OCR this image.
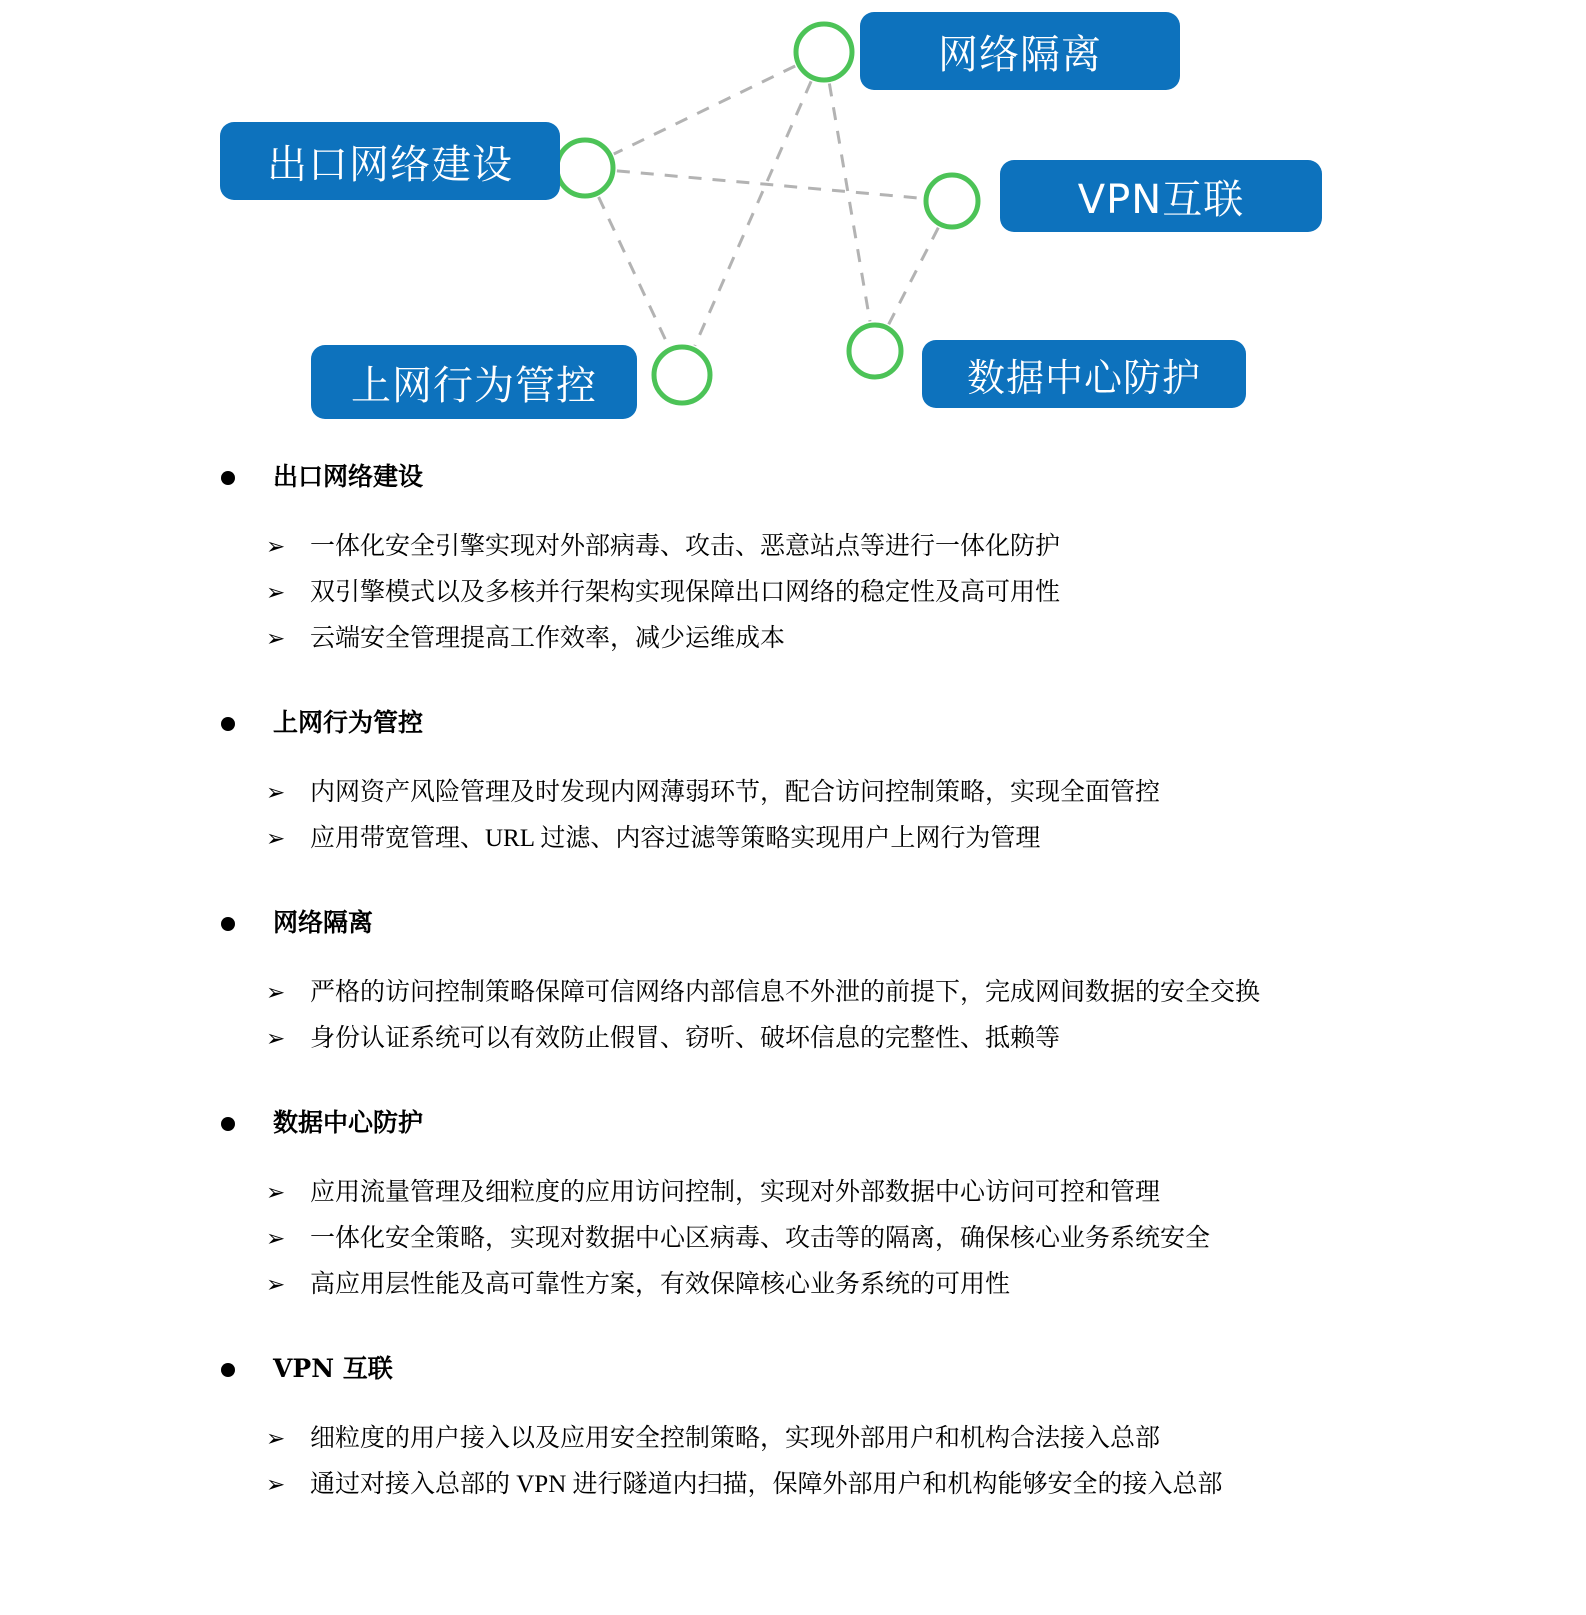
出口网络建设
网络隔离
VPN互联
上网行为管控	数据中心防护
出口网络建设
➢ 一体化安全引擎实现对外部病毒、攻击、恶意站点等进行一体化防护
➢ 双引擎模式以及多核并行架构实现保障出口网络的稳定性及高可用性
➢ 云端安全管理提高工作效率，减少运维成本
上网行为管控
➢ 内网资产风险管理及时发现内网薄弱环节，配合访问控制策略，实现全面管控
➢ 应用带宽管理、URL 过滤、内容过滤等策略实现用户上网行为管理
网络隔离
➢ 严格的访问控制策略保障可信网络内部信息不外泄的前提下，完成网间数据的安全交换
➢ 身份认证系统可以有效防止假冒、窃听、破坏信息的完整性、抵赖等
数据中心防护
➢ 应用流量管理及细粒度的应用访问控制，实现对外部数据中心访问可控和管理
➢ 一体化安全策略，实现对数据中心区病毒、攻击等的隔离，确保核心业务系统安全
➢ 高应用层性能及高可靠性方案，有效保障核心业务系统的可用性
VPN 互联
➢ 细粒度的用户接入以及应用安全控制策略，实现外部用户和机构合法接入总部
➢ 通过对接入总部的 VPN 进行隧道内扫描，保障外部用户和机构能够安全的接入总部
